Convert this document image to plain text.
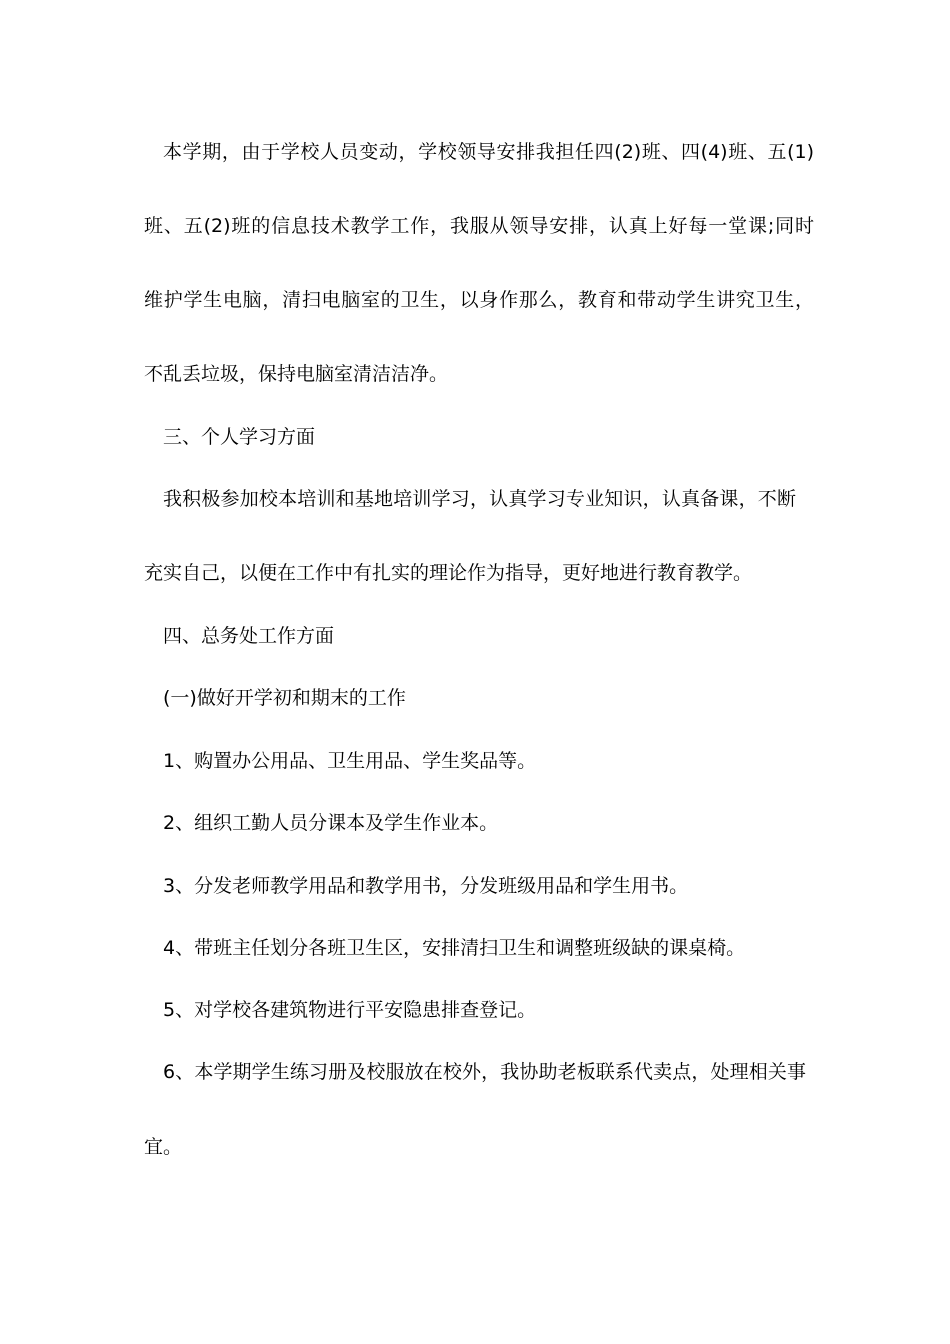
本学期，由于学校人员变动，学校领导安排我担任四(2)班、四(4)班、五(1)
班、五(2)班的信息技术教学工作，我服从领导安排，认真上好每一堂课;同时
维护学生电脑，清扫电脑室的卫生，以身作那么，教育和带动学生讲究卫生，
不乱丢垃圾，保持电脑室清洁洁净。
三、个人学习方面
我积极参加校本培训和基地培训学习，认真学习专业知识，认真备课，不断
充实自己，以便在工作中有扎实的理论作为指导，更好地进行教育教学。
四、总务处工作方面
(一)做好开学初和期末的工作
1、购置办公用品、卫生用品、学生奖品等。
2、组织工勤人员分课本及学生作业本。
3、分发老师教学用品和教学用书，分发班级用品和学生用书。
4、带班主任划分各班卫生区，安排清扫卫生和调整班级缺的课桌椅。
5、对学校各建筑物进行平安隐患排查登记。
6、本学期学生练习册及校服放在校外，我协助老板联系代卖点，处理相关事
宜。
